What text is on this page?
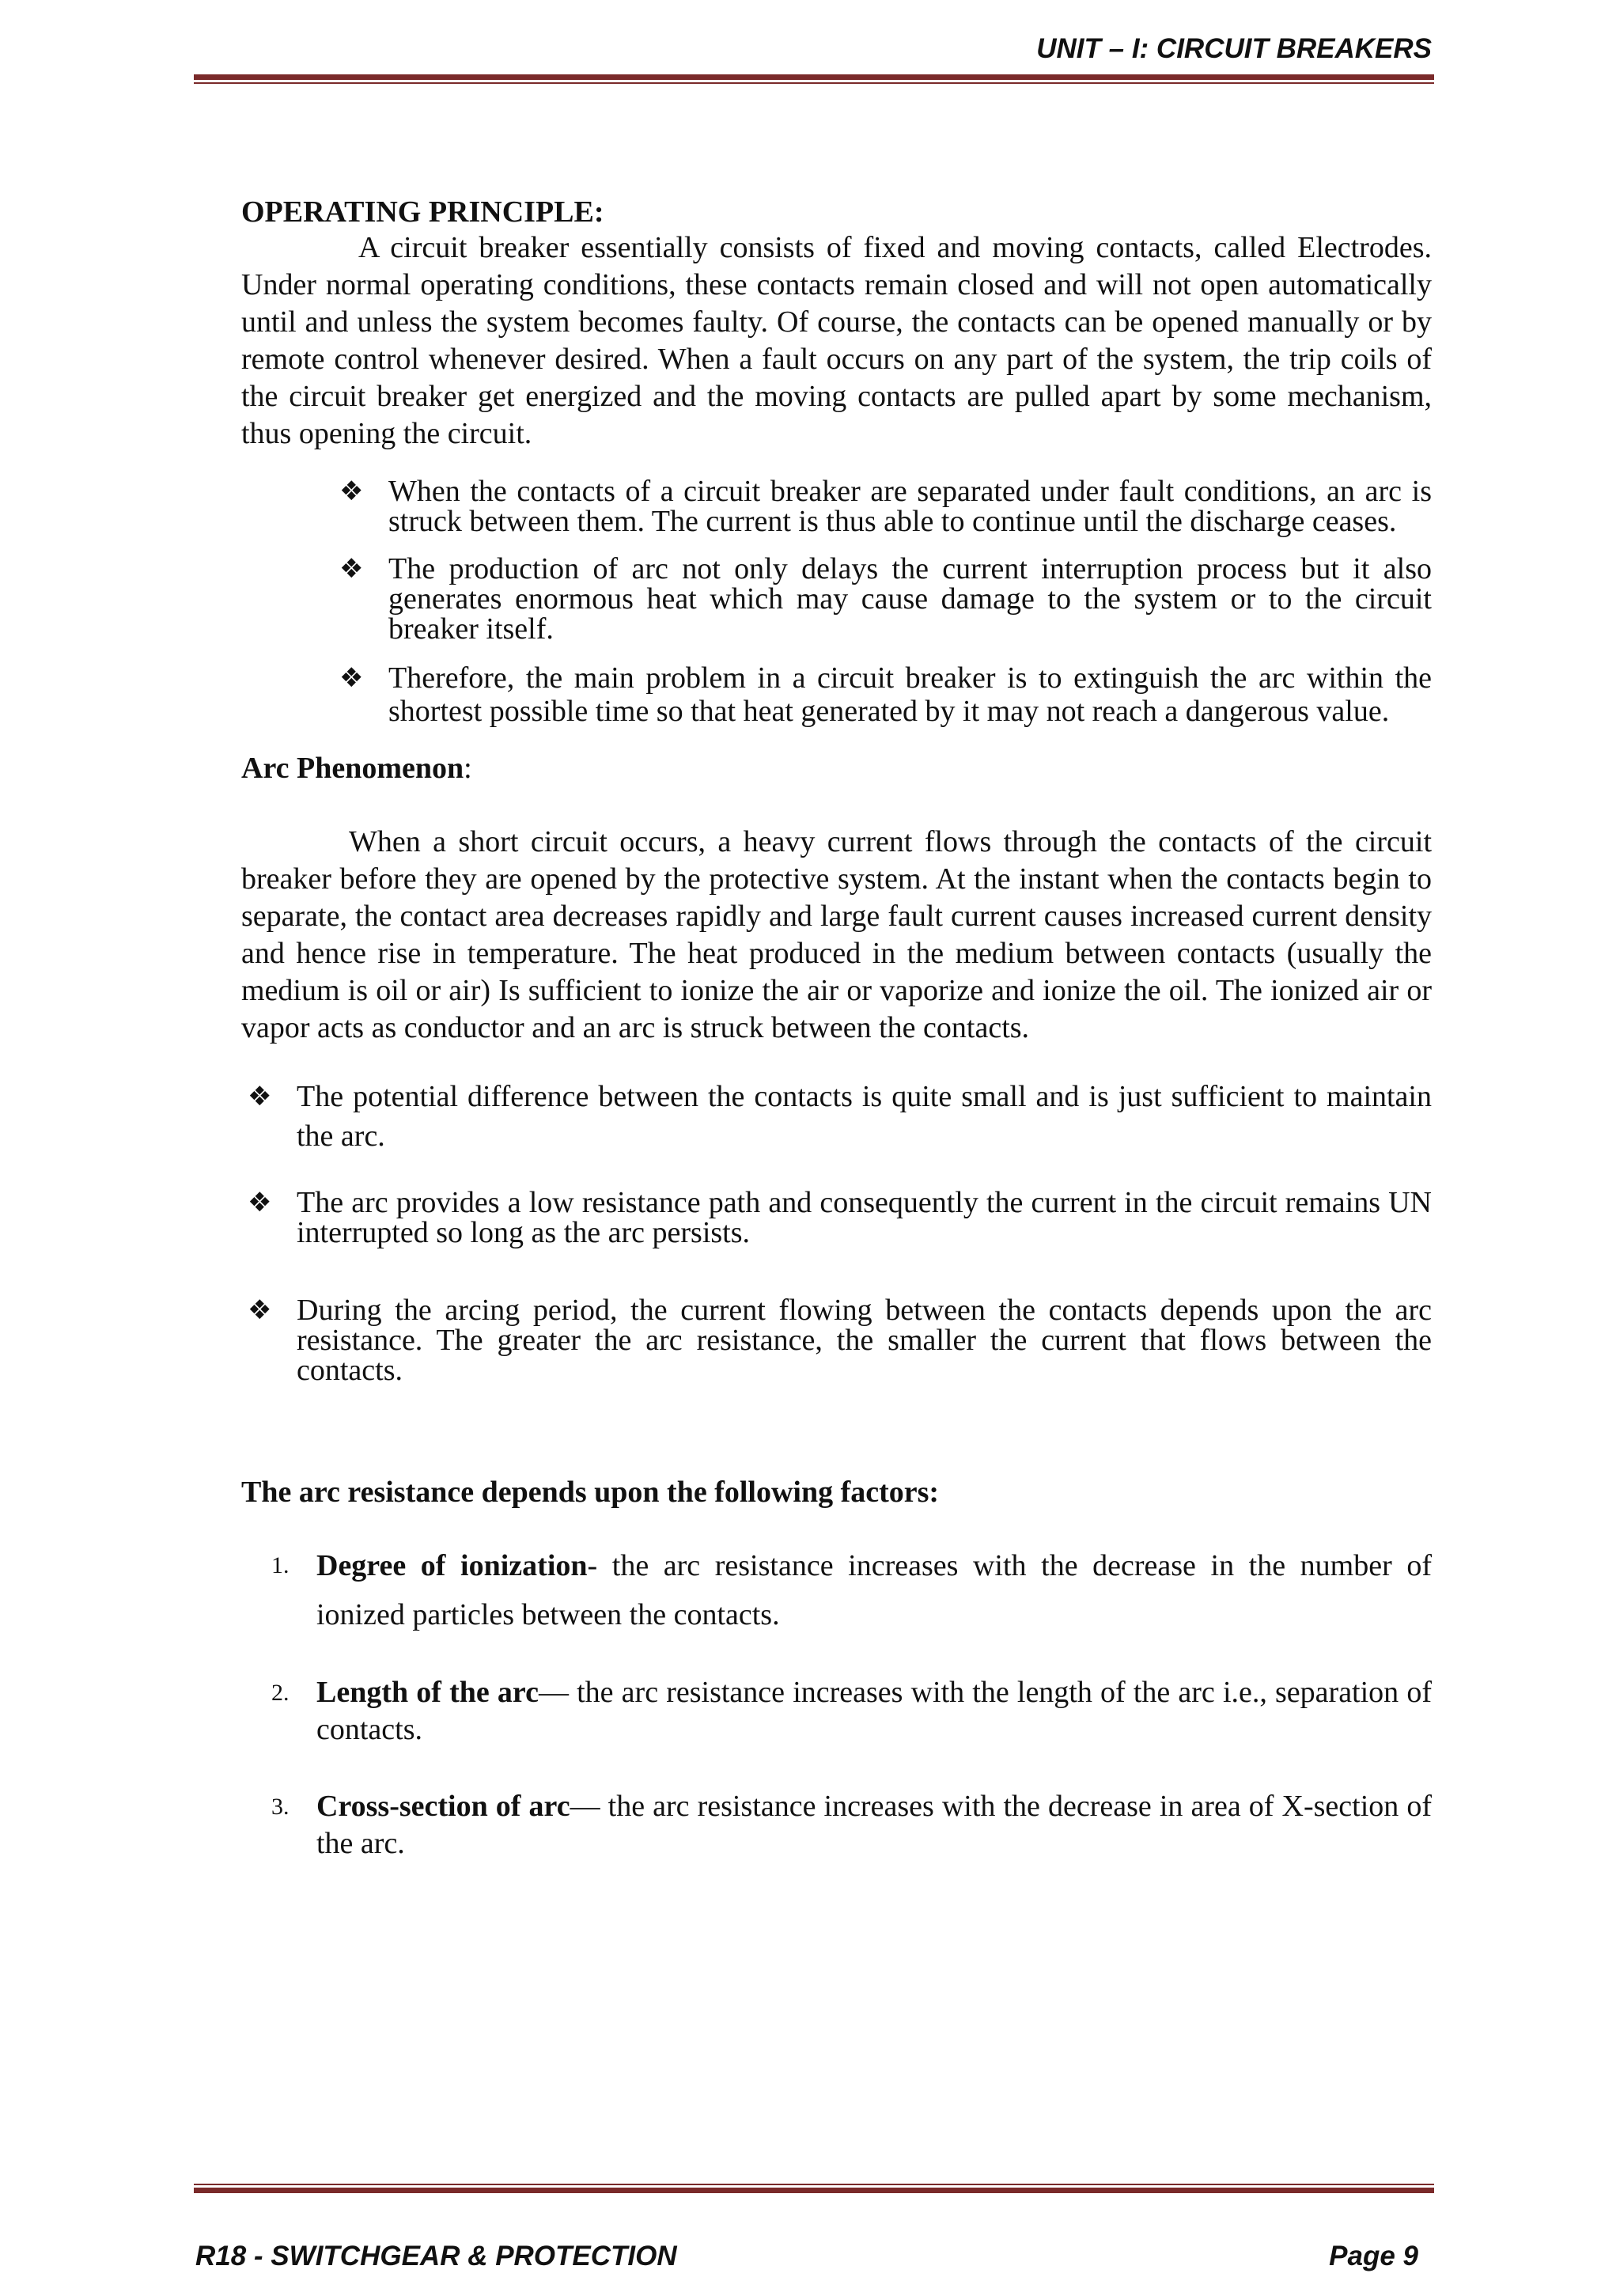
UNIT – I: CIRCUIT BREAKERS

OPERATING PRINCIPLE:

A circuit breaker essentially consists of fixed and moving contacts, called Electrodes. Under normal operating conditions, these contacts remain closed and will not open automatically until and unless the system becomes faulty. Of course, the contacts can be opened manually or by remote control whenever desired. When a fault occurs on any part of the system, the trip coils of the circuit breaker get energized and the moving contacts are pulled apart by some mechanism, thus opening the circuit.

❖ When the contacts of a circuit breaker are separated under fault conditions, an arc is struck between them. The current is thus able to continue until the discharge ceases.
❖ The production of arc not only delays the current interruption process but it also generates enormous heat which may cause damage to the system or to the circuit breaker itself.
❖ Therefore, the main problem in a circuit breaker is to extinguish the arc within the shortest possible time so that heat generated by it may not reach a dangerous value.

Arc Phenomenon:

When a short circuit occurs, a heavy current flows through the contacts of the circuit breaker before they are opened by the protective system. At the instant when the contacts begin to separate, the contact area decreases rapidly and large fault current causes increased current density and hence rise in temperature. The heat produced in the medium between contacts (usually the medium is oil or air) Is sufficient to ionize the air or vaporize and ionize the oil. The ionized air or vapor acts as conductor and an arc is struck between the contacts.

❖ The potential difference between the contacts is quite small and is just sufficient to maintain the arc.
❖ The arc provides a low resistance path and consequently the current in the circuit remains UN interrupted so long as the arc persists.
❖ During the arcing period, the current flowing between the contacts depends upon the arc resistance. The greater the arc resistance, the smaller the current that flows between the contacts.

The arc resistance depends upon the following factors:

1. Degree of ionization- the arc resistance increases with the decrease in the number of ionized particles between the contacts.
2. Length of the arc— the arc resistance increases with the length of the arc i.e., separation of contacts.
3. Cross-section of arc— the arc resistance increases with the decrease in area of X-section of the arc.
R18 - SWITCHGEAR & PROTECTION	Page 9
